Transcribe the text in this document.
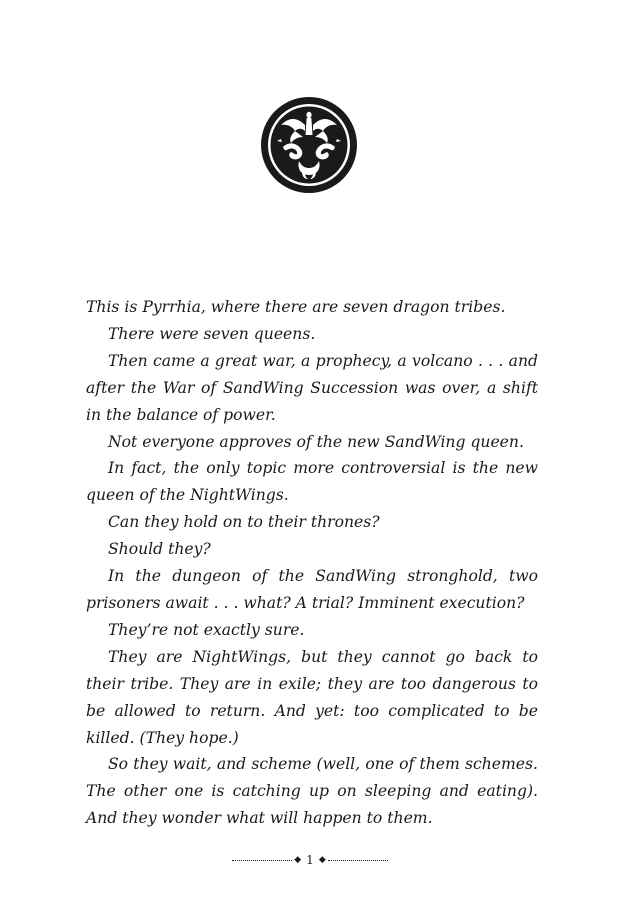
This is Pyrrhia, where there are seven dragon tribes.

There were seven queens.

Then came a great war, a prophecy, a volcano . . . and after the War of SandWing Succession was over, a shift in the balance of power.

Not everyone approves of the new SandWing queen.

In fact, the only topic more controversial is the new queen of the NightWings.

Can they hold on to their thrones?

Should they?

In the dungeon of the SandWing stronghold, two prisoners await . . . what? A trial? Imminent execution?

They’re not exactly sure.

They are NightWings, but they cannot go back to their tribe. They are in exile; they are too dangerous to be allowed to return. And yet: too complicated to be killed. (They hope.)

So they wait, and scheme (well, one of them schemes. The other one is catching up on sleeping and eating). And they wonder what will happen to them.

◆ 1 ◆
